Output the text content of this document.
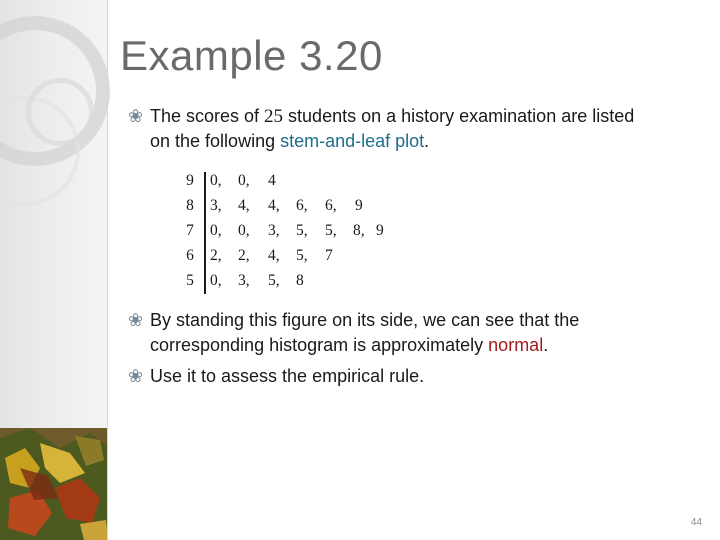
Example 3.20
❀ The scores of 25 students on a history examination are listed
on the following stem-and-leaf plot.
9 0, 0, 4
8 3, 4, 4, 6, 6, 9
7 0, 0, 3, 5, 5, 8, 9
6 2, 2, 4, 5, 7
5 0, 3, 5, 8
❀ By standing this figure on its side, we can see that the
corresponding histogram is approximately normal.
❀ Use it to assess the empirical rule.
44
